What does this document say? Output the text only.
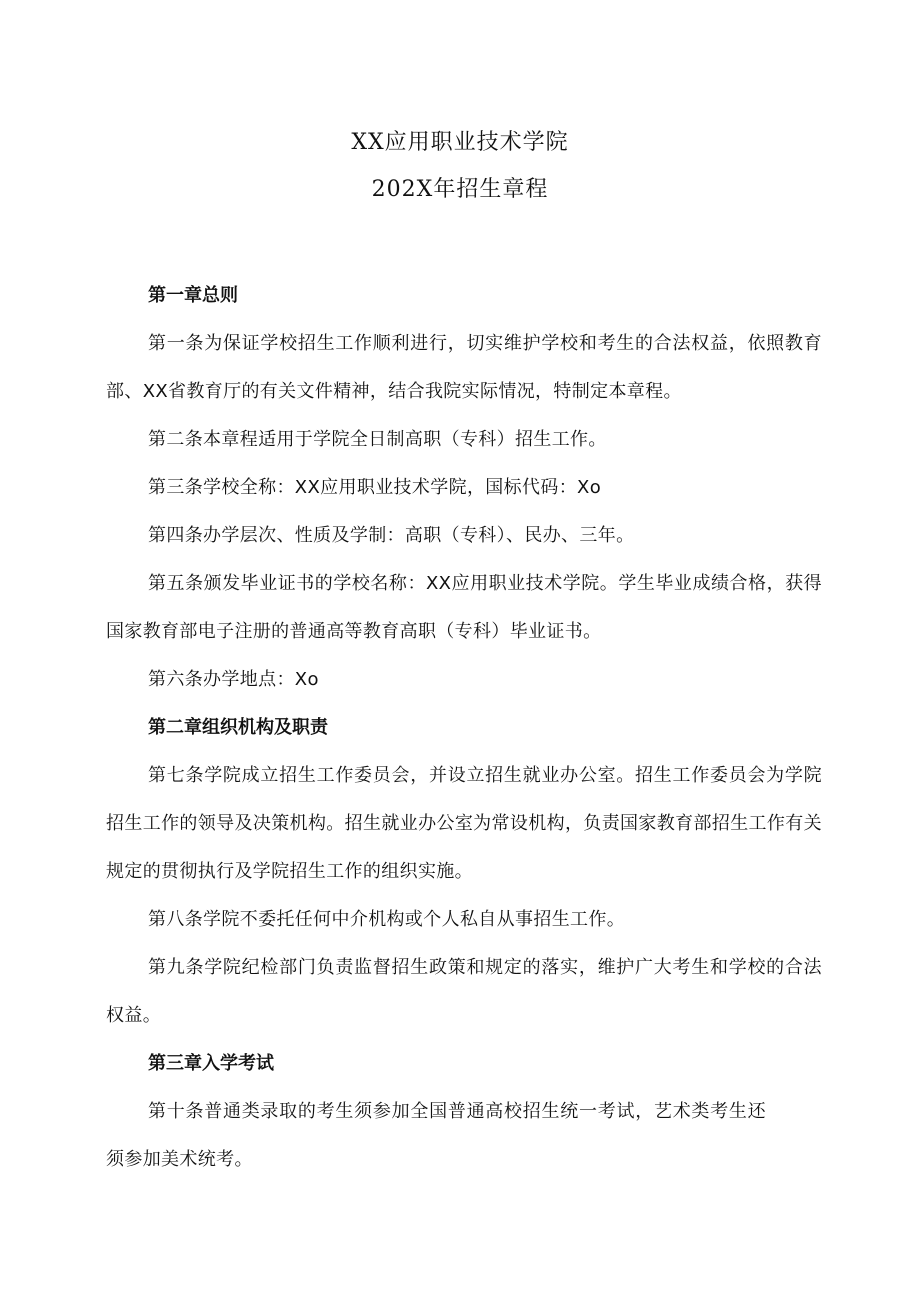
XX应用职业技术学院
202X年招生章程

第一章总则

第一条为保证学校招生工作顺利进行，切实维护学校和考生的合法权益，依照教育部、XX省教育厅的有关文件精神，结合我院实际情况，特制定本章程。

第二条本章程适用于学院全日制高职（专科）招生工作。

第三条学校全称：XX应用职业技术学院，国标代码：Xo

第四条办学层次、性质及学制：高职（专科）、民办、三年。

第五条颁发毕业证书的学校名称：XX应用职业技术学院。学生毕业成绩合格，获得国家教育部电子注册的普通高等教育高职（专科）毕业证书。

第六条办学地点：Xo

第二章组织机构及职责

第七条学院成立招生工作委员会，并设立招生就业办公室。招生工作委员会为学院招生工作的领导及决策机构。招生就业办公室为常设机构，负责国家教育部招生工作有关规定的贯彻执行及学院招生工作的组织实施。

第八条学院不委托任何中介机构或个人私自从事招生工作。

第九条学院纪检部门负责监督招生政策和规定的落实，维护广大考生和学校的合法权益。

第三章入学考试

第十条普通类录取的考生须参加全国普通高校招生统一考试，艺术类考生还须参加美术统考。
